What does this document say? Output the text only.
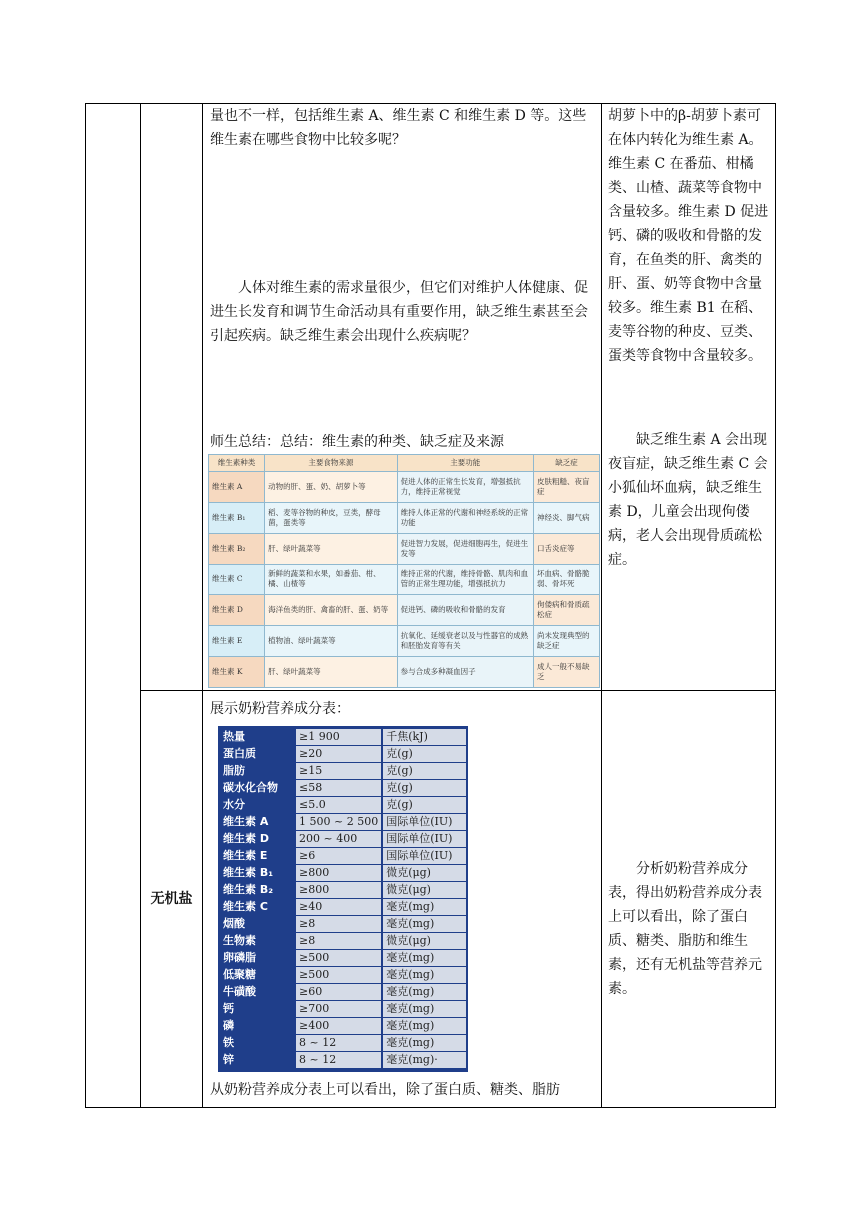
量也不一样，包括维生素 A、维生素 C 和维生素 D 等。这些维生素在哪些食物中比较多呢？
人体对维生素的需求量很少，但它们对维护人体健康、促进生长发育和调节生命活动具有重要作用，缺乏维生素甚至会引起疾病。缺乏维生素会出现什么疾病呢？
师生总结：总结：维生素的种类、缺乏症及来源
维生素种类	主要食物来源	主要功能	缺乏症
维生素 A	动物的肝、蛋、奶、胡萝卜等	促进人体的正常生长发育，增强抵抗力，维持正常视觉	皮肤粗糙、夜盲症
维生素 B₁	稻、麦等谷物的种皮，豆类，酵母菌，蛋类等	维持人体正常的代谢和神经系统的正常功能	神经炎、脚气病
维生素 B₂	肝、绿叶蔬菜等	促进智力发展，促进细胞再生，促进生发等	口舌炎症等
维生素 C	新鲜的蔬菜和水果，如番茄、柑、橘、山楂等	维持正常的代谢，维持骨骼、肌肉和血管的正常生理功能，增强抵抗力	坏血病、骨骼脆弱、骨坏死
维生素 D	海洋鱼类的肝、禽畜的肝、蛋、奶等	促进钙、磷的吸收和骨骼的发育	佝偻病和骨质疏松症
维生素 E	植物油、绿叶蔬菜等	抗氧化、延缓衰老以及与性器官的成熟和胚胎发育等有关	尚未发现典型的缺乏症
维生素 K	肝、绿叶蔬菜等	参与合成多种凝血因子	成人一般不易缺乏
胡萝卜中的β-胡萝卜素可在体内转化为维生素 A。维生素 C 在番茄、柑橘类、山楂、蔬菜等食物中含量较多。维生素 D 促进钙、磷的吸收和骨骼的发育，在鱼类的肝、禽类的肝、蛋、奶等食物中含量较多。维生素 B1 在稻、麦等谷物的种皮、豆类、蛋类等食物中含量较多。
缺乏维生素 A 会出现夜盲症，缺乏维生素 C 会小狐仙坏血病，缺乏维生素 D，儿童会出现佝偻病，老人会出现骨质疏松症。
无机盐
展示奶粉营养成分表：
热量	≥1 900	千焦(kJ)
蛋白质	≥20	克(g)
脂肪	≥15	克(g)
碳水化合物	≤58	克(g)
水分	≤5.0	克(g)
维生素 A	1 500 ~ 2 500	国际单位(IU)
维生素 D	200 ~ 400	国际单位(IU)
维生素 E	≥6	国际单位(IU)
维生素 B₁	≥800	微克(μg)
维生素 B₂	≥800	微克(μg)
维生素 C	≥40	毫克(mg)
烟酸	≥8	毫克(mg)
生物素	≥8	微克(μg)
卵磷脂	≥500	毫克(mg)
低聚糖	≥500	毫克(mg)
牛磺酸	≥60	毫克(mg)
钙	≥700	毫克(mg)
磷	≥400	毫克(mg)
铁	8 ~ 12	毫克(mg)
锌	8 ~ 12	毫克(mg)·
从奶粉营养成分表上可以看出，除了蛋白质、糖类、脂肪
分析奶粉营养成分表，得出奶粉营养成分表上可以看出，除了蛋白质、糖类、脂肪和维生素，还有无机盐等营养元素。
